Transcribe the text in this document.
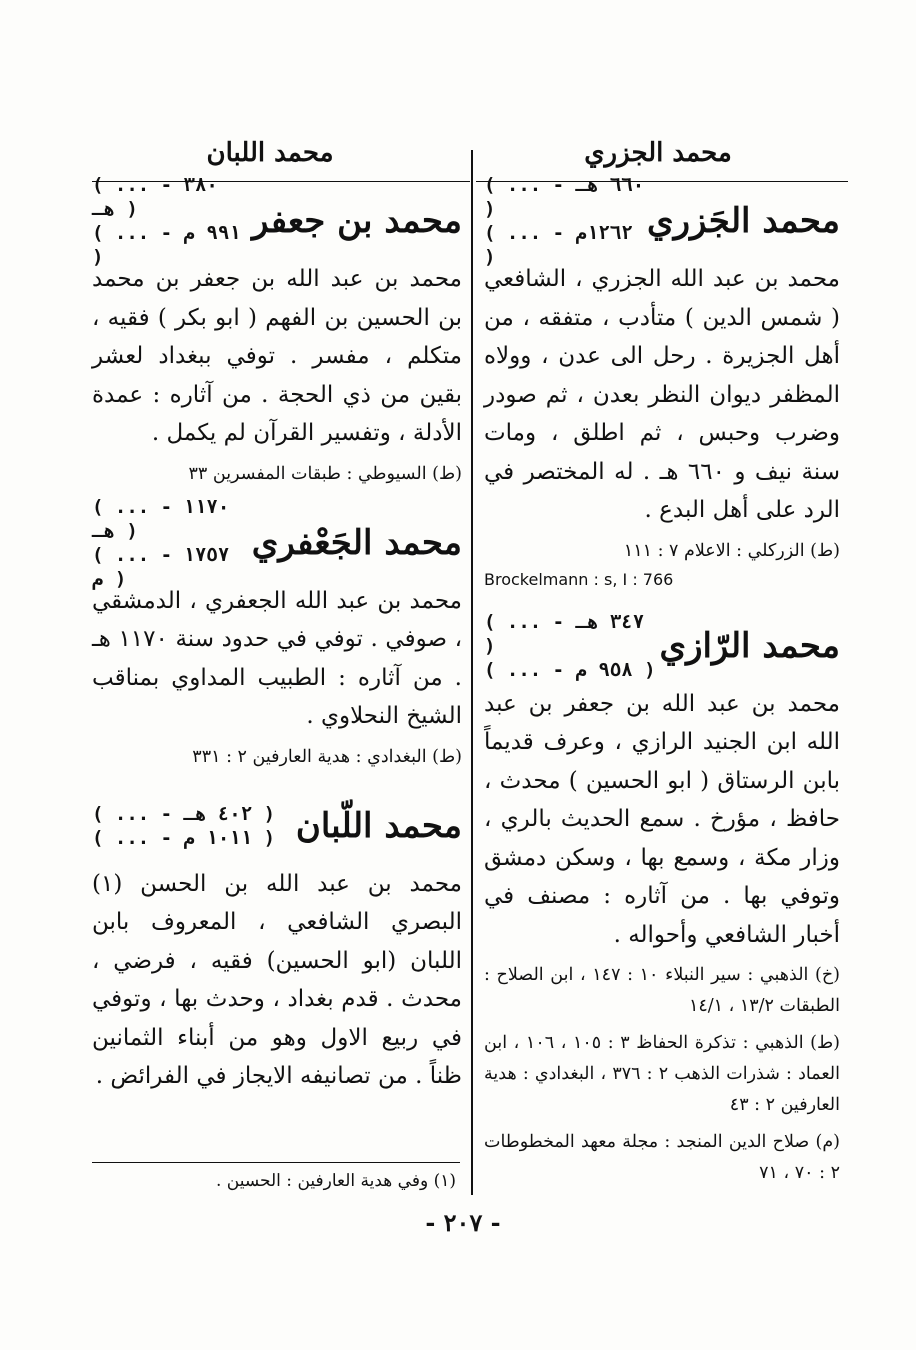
محمد الجزري
محمد اللبان
محمد الجَزري
( ... - ٦٦٠ هـ )
( ... - ١٢٦٢م )

محمد بن عبد الله الجزري ، الشافعي ( شمس الدين ) متأدب ، متفقه ، من أهل الجزيرة . رحل الى عدن ، وولاه المظفر ديوان النظر بعدن ، ثم صودر وضرب وحبس ، ثم اطلق ، ومات سنة نيف و ٦٦٠ هـ . له المختصر في الرد على أهل البدع .

(ط) الزركلي : الاعلام ٧ : ١١١

Brockelmann : s, I : 766

محمد الرّازي
( ... - ٣٤٧ هـ )
( ... - ٩٥٨ م )

محمد بن عبد الله بن جعفر بن عبد الله ابن الجنيد الرازي ، وعرف قديماً بابن الرستاق ( ابو الحسين ) محدث ، حافظ ، مؤرخ . سمع الحديث بالري ، وزار مكة ، وسمع بها ، وسكن دمشق وتوفي بها . من آثاره : مصنف في أخبار الشافعي وأحواله .

(خ) الذهبي : سير النبلاء ١٠ : ١٤٧ ، ابن الصلاح : الطبقات ١٣/٢ ، ١٤/١

(ط) الذهبي : تذكرة الحفاظ ٣ : ١٠٥ ، ١٠٦ ، ابن العماد : شذرات الذهب ٢ : ٣٧٦ ، البغدادي : هدية العارفين ٢ : ٤٣

(م) صلاح الدين المنجد : مجلة معهد المخطوطات ٢ : ٧٠ ، ٧١

محمد بن جعفر
( ... - ٣٨٠ هـ )
( ... - ٩٩١ م )

محمد بن عبد الله بن جعفر بن محمد بن الحسين بن الفهم ( ابو بكر ) فقيه ، متكلم ، مفسر . توفي ببغداد لعشر بقين من ذي الحجة . من آثاره : عمدة الأدلة ، وتفسير القرآن لم يكمل .

(ط) السيوطي : طبقات المفسرين ٣٣

محمد الجَعْفري
( ... - ١١٧٠ هـ )
( ... - ١٧٥٧ م )

محمد بن عبد الله الجعفري ، الدمشقي ، صوفي . توفي في حدود سنة ١١٧٠ هـ . من آثاره : الطبيب المداوي بمناقب الشيخ النحلاوي .

(ط) البغدادي : هدية العارفين ٢ : ٣٣١

محمد اللّبان
( ... - ٤٠٢ هـ )
( ... - ١٠١١ م )

محمد بن عبد الله بن الحسن (١) البصري الشافعي ، المعروف بابن اللبان (ابو الحسين) فقيه ، فرضي ، محدث . قدم بغداد ، وحدث بها ، وتوفي في ربيع الاول وهو من أبناء الثمانين ظناً . من تصانيفه الايجاز في الفرائض .

(١) وفي هدية العارفين : الحسين .
- ٢٠٧ -
